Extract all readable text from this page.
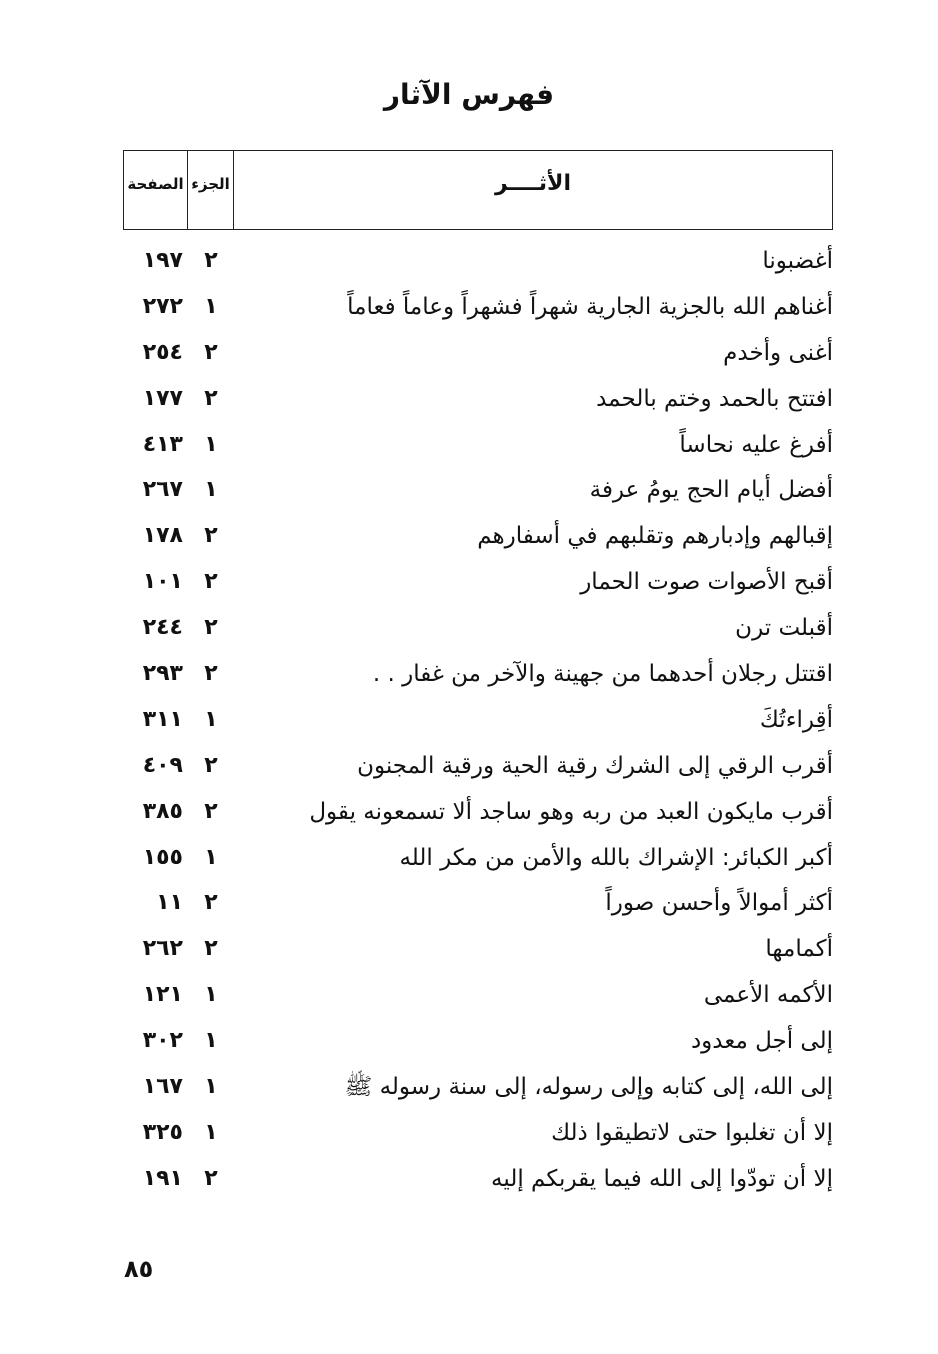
فهرس الآثار
الصفحة الجزء	الأثــــر
أغضبونا
٢
١٩٧
أغناهم الله بالجزية الجارية شهراً فشهراً وعاماً فعاماً
١
٢٧٢
أغنى وأخدم
٢
٢٥٤
افتتح بالحمد وختم بالحمد
٢
١٧٧
أفرغ عليه نحاساً
١
٤١٣
أفضل أيام الحج يومُ عرفة
١
٢٦٧
إقبالهم وإدبارهم وتقلبهم في أسفارهم
٢
١٧٨
أقبح الأصوات صوت الحمار
٢
١٠١
أقبلت ترن
٢
٢٤٤
اقتتل رجلان أحدهما من جهينة والآخر من غفار . .
٢
٢٩٣
أقِراءتُكَ
١
٣١١
أقرب الرقي إلى الشرك رقية الحية ورقية المجنون
٢
٤٠٩
أقرب مايكون العبد من ربه وهو ساجد ألا تسمعونه يقول
٢
٣٨٥
أكبر الكبائر: الإشراك بالله والأمن من مكر الله
١
١٥٥
أكثر أموالاً وأحسن صوراً
٢
١١
أكمامها
٢
٢٦٢
الأكمه الأعمى
١
١٢١
إلى أجل معدود
١
٣٠٢
إلى الله، إلى كتابه وإلى رسوله، إلى سنة رسوله ﷺ
١
١٦٧
إلا أن تغلبوا حتى لاتطيقوا ذلك
١
٣٢٥
إلا أن تودّوا إلى الله فيما يقربكم إليه
٢
١٩١
٨٥
